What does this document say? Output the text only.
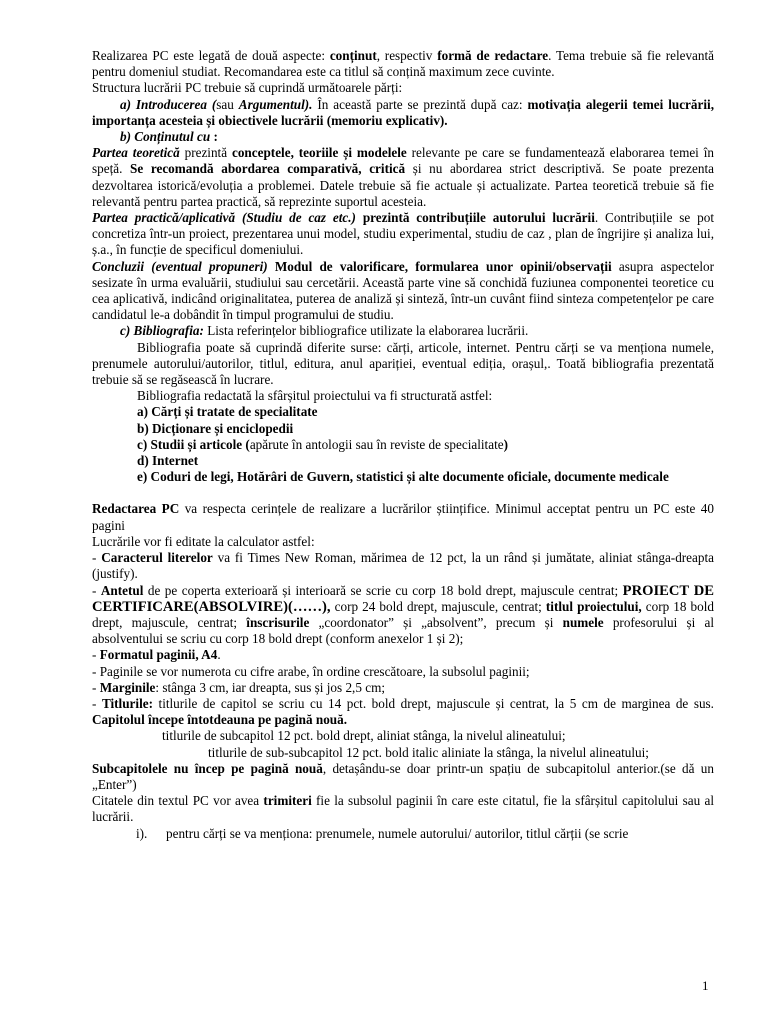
Realizarea PC este legată de două aspecte: conținut, respectiv formă de redactare. Tema trebuie să fie relevantă pentru domeniul studiat. Recomandarea este ca titlul să conțină maximum zece cuvinte.

Structura lucrării PC trebuie să cuprindă următoarele părți:

a) Introducerea (sau Argumentul). În această parte se prezintă după caz: motivația alegerii temei lucrării, importanța acesteia și obiectivele lucrării (memoriu explicativ).

b) Conținutul cu :

Partea teoretică prezintă conceptele, teoriile și modelele relevante pe care se fundamentează elaborarea temei în speță. Se recomandă abordarea comparativă, critică și nu abordarea strict descriptivă. Se poate prezenta dezvoltarea istorică/evoluția a problemei. Datele trebuie să fie actuale și actualizate. Partea teoretică trebuie să fie relevantă pentru partea practică, să reprezinte suportul acesteia.

Partea practică/aplicativă (Studiu de caz etc.) prezintă contribuțiile autorului lucrării. Contribuțiile se pot concretiza într-un proiect, prezentarea unui model, studiu experimental, studiu de caz , plan de îngrijire și analiza lui, ș.a., în funcție de specificul domeniului.

Concluzii (eventual propuneri) Modul de valorificare, formularea unor opinii/observații asupra aspectelor sesizate în urma evaluării, studiului sau cercetării. Această parte vine să conchidă fuziunea componentei teoretice cu cea aplicativă, indicând originalitatea, puterea de analiză și sinteză, într-un cuvânt fiind sinteza competențelor pe care candidatul le-a dobândit în timpul programului de studiu.

c) Bibliografia: Lista referințelor bibliografice utilizate la elaborarea lucrării.

Bibliografia poate să cuprindă diferite surse: cărți, articole, internet. Pentru cărți se va menționa numele, prenumele autorului/autorilor, titlul, editura, anul apariției, eventual ediția, orașul,. Toată bibliografia prezentată trebuie să se regăsească în lucrare.

Bibliografia redactată la sfârșitul proiectului va fi structurată astfel:

a) Cărți și tratate de specialitate

b) Dicționare și enciclopedii

c) Studii și articole (apărute în antologii sau în reviste de specialitate)

d) Internet

e) Coduri de legi, Hotărâri de Guvern, statistici și alte documente oficiale, documente medicale

Redactarea PC va respecta cerințele de realizare a lucrărilor științifice. Minimul acceptat pentru un PC este 40 pagini

Lucrările vor fi editate la calculator astfel:

- Caracterul literelor va fi Times New Roman, mărimea de 12 pct, la un rând și jumătate, aliniat stânga-dreapta (justify).

- Antetul de pe coperta exterioară și interioară se scrie cu corp 18 bold drept, majuscule centrat; PROIECT DE CERTIFICARE(ABSOLVIRE)(……), corp 24 bold drept, majuscule, centrat; titlul proiectului, corp 18 bold drept, majuscule, centrat; înscrisurile „coordonator” și „absolvent”, precum și numele profesorului și al absolventului se scriu cu corp 18 bold drept (conform anexelor 1 și 2);

- Formatul paginii, A4.

- Paginile se vor numerota cu cifre arabe, în ordine crescătoare, la subsolul paginii;

- Marginile: stânga 3 cm, iar dreapta, sus și jos 2,5 cm;

- Titlurile: titlurile de capitol se scriu cu 14 pct. bold drept, majuscule și centrat, la 5 cm de marginea de sus. Capitolul începe întotdeauna pe pagină nouă.

titlurile de subcapitol 12 pct. bold drept, aliniat stânga, la nivelul alineatului;

titlurile de sub-subcapitol 12 pct. bold italic aliniate la stânga, la nivelul alineatului;

Subcapitolele nu încep pe pagină nouă, detașându-se doar printr-un spațiu de subcapitolul anterior.(se dă un „Enter”)

Citatele din textul PC vor avea trimiteri fie la subsolul paginii în care este citatul, fie la sfârșitul capitolului sau al lucrării.

i). pentru cărți se va menționa: prenumele, numele autorului/ autorilor, titlul cărții (se scrie

1
